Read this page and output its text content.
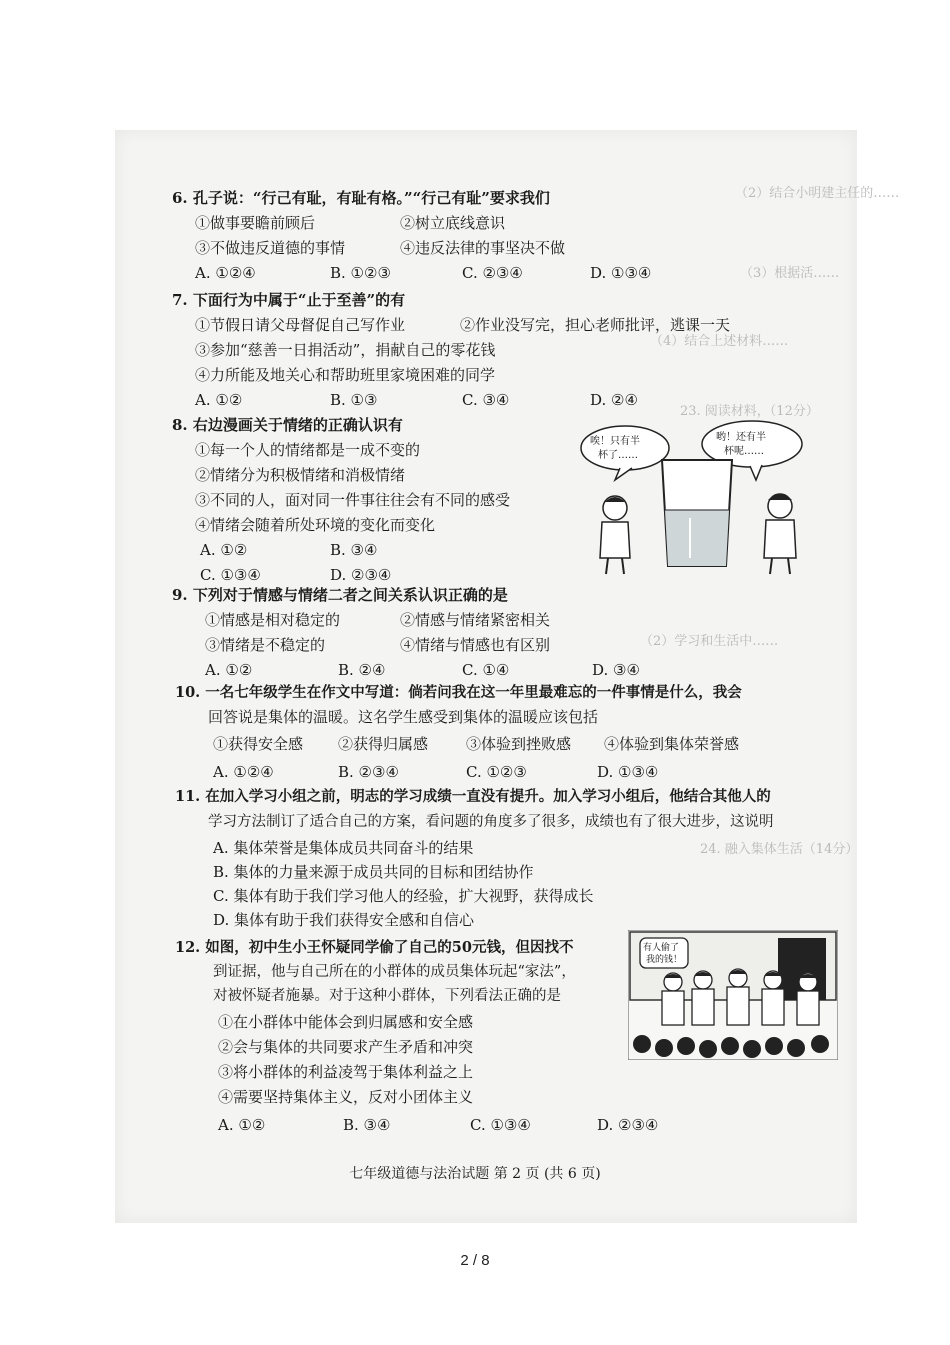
（2）结合小明建主任的……
（3）根据活……
（4）结合上述材料……
23. 阅读材料，（12分）
（2）学习和生活中……
24. 融入集体生活（14分）
6. 孔子说：“行己有耻，有耻有格。”“行己有耻”要求我们
①做事要瞻前顾后	②树立底线意识
③不做违反道德的事情	④违反法律的事坚决不做
A. ①②④	B. ①②③	C. ②③④	D. ①③④
7. 下面行为中属于“止于至善”的有
①节假日请父母督促自己写作业	②作业没写完，担心老师批评，逃课一天
③参加“慈善一日捐活动”，捐献自己的零花钱
④力所能及地关心和帮助班里家境困难的同学
A. ①②	B. ①③	C. ③④	D. ②④
8. 右边漫画关于情绪的正确认识有
①每一个人的情绪都是一成不变的
②情绪分为积极情绪和消极情绪
③不同的人，面对同一件事往往会有不同的感受
④情绪会随着所处环境的变化而变化
A. ①②	B. ③④
C. ①③④	D. ②③④
唉！只有半
杯了……
哟！还有半
杯呢……
9. 下列对于情感与情绪二者之间关系认识正确的是
①情感是相对稳定的	②情感与情绪紧密相关
③情绪是不稳定的	④情绪与情感也有区别
A. ①②	B. ②④	C. ①④	D. ③④
10. 一名七年级学生在作文中写道：倘若问我在这一年里最难忘的一件事情是什么，我会
回答说是集体的温暖。这名学生感受到集体的温暖应该包括
①获得安全感 ②获得归属感	③体验到挫败感 ④体验到集体荣誉感
A. ①②④	B. ②③④	C. ①②③	D. ①③④
11. 在加入学习小组之前，明志的学习成绩一直没有提升。加入学习小组后，他结合其他人的
学习方法制订了适合自己的方案，看问题的角度多了很多，成绩也有了很大进步，这说明
A. 集体荣誉是集体成员共同奋斗的结果
B. 集体的力量来源于成员共同的目标和团结协作
C. 集体有助于我们学习他人的经验，扩大视野，获得成长
D. 集体有助于我们获得安全感和自信心
12. 如图，初中生小王怀疑同学偷了自己的50元钱，但因找不
到证据，他与自己所在的小群体的成员集体玩起“家法”，
对被怀疑者施暴。对于这种小群体，下列看法正确的是
①在小群体中能体会到归属感和安全感
②会与集体的共同要求产生矛盾和冲突
③将小群体的利益凌驾于集体利益之上
④需要坚持集体主义，反对小团体主义
A. ①②	B. ③④	C. ①③④	D. ②③④
有人偷了
我的钱！
七年级道德与法治试题 第 2 页 (共 6 页)
2 / 8
